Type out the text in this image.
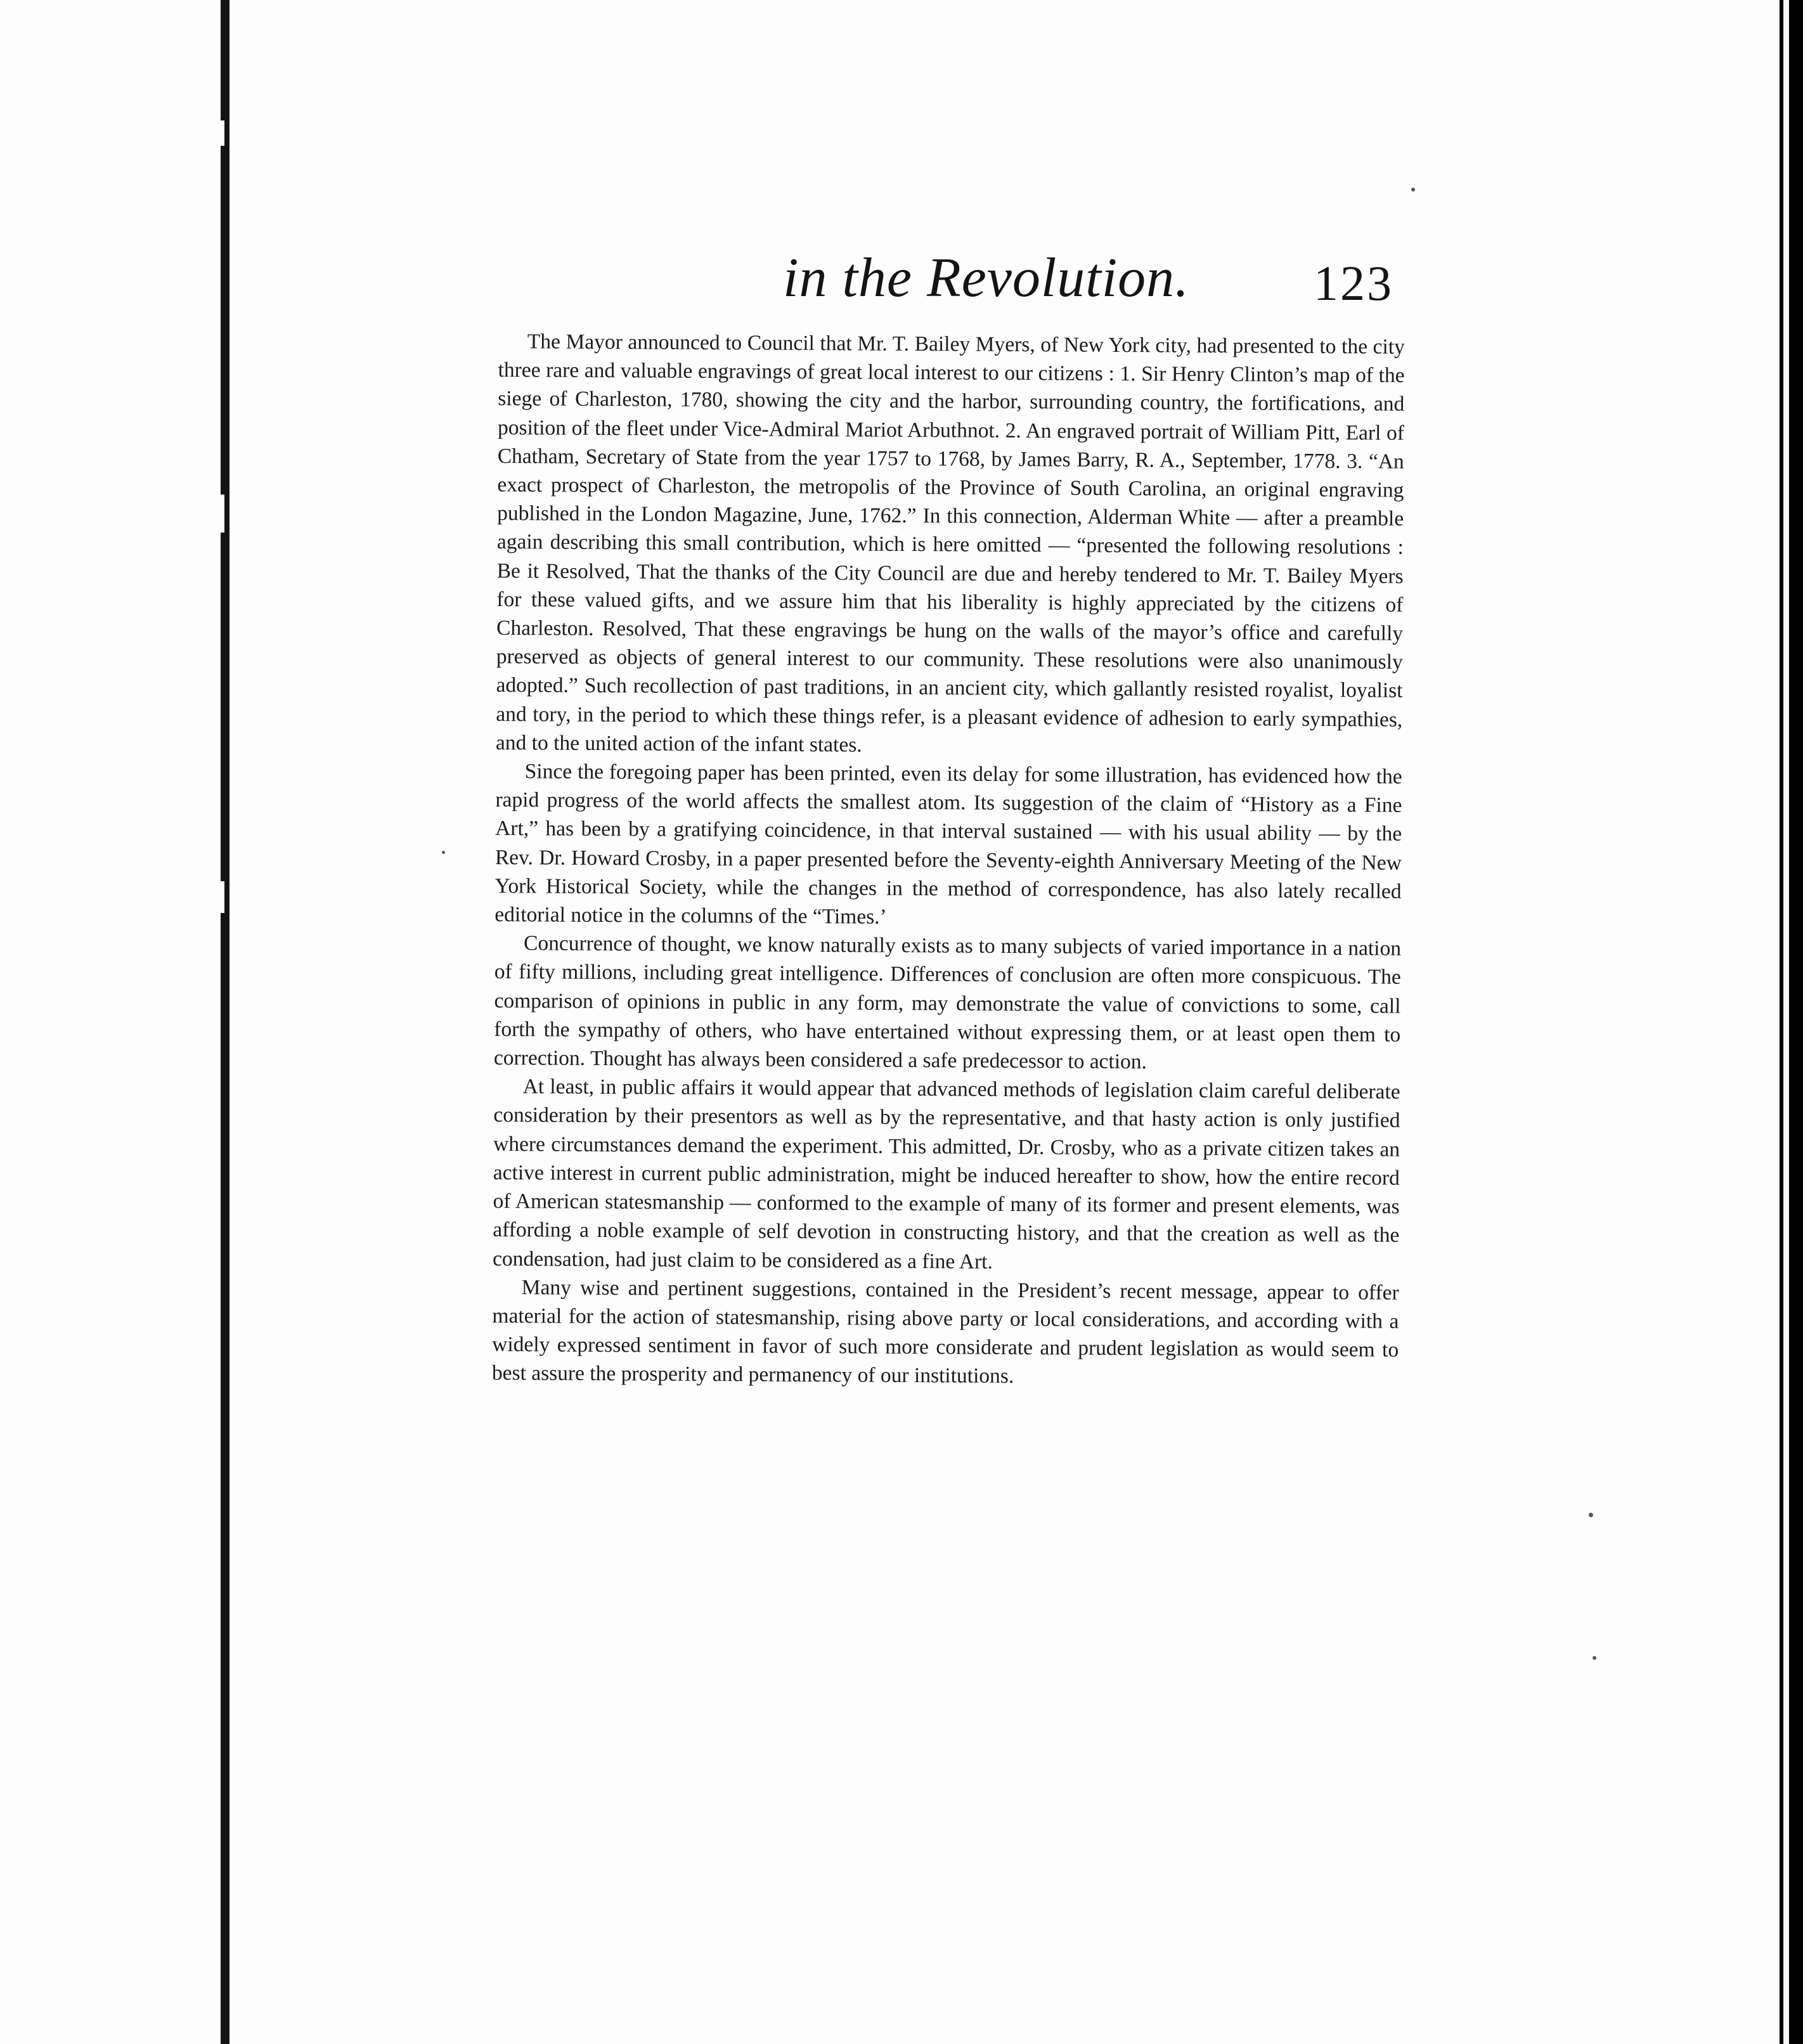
in the Revolution.	123

The Mayor announced to Council that Mr. T. Bailey Myers, of New York city, had presented to the city three rare and valuable engravings of great local interest to our citizens : 1. Sir Henry Clinton’s map of the siege of Charleston, 1780, showing the city and the harbor, surrounding country, the fortifications, and position of the fleet under Vice-Admiral Mariot Arbuthnot. 2. An engraved portrait of William Pitt, Earl of Chatham, Secretary of State from the year 1757 to 1768, by James Barry, R. A., September, 1778. 3. “An exact prospect of Charleston, the metropolis of the Province of South Carolina, an original engraving published in the London Magazine, June, 1762.” In this connection, Alderman White — after a preamble again describing this small contribution, which is here omitted — “presented the following resolutions : Be it Resolved, That the thanks of the City Council are due and hereby tendered to Mr. T. Bailey Myers for these valued gifts, and we assure him that his liberality is highly appreciated by the citizens of Charleston. Resolved, That these engravings be hung on the walls of the mayor’s office and carefully preserved as objects of general interest to our community. These resolutions were also unanimously adopted.” Such recollection of past traditions, in an ancient city, which gallantly resisted royalist, loyalist and tory, in the period to which these things refer, is a pleasant evidence of adhesion to early sympathies, and to the united action of the infant states.

Since the foregoing paper has been printed, even its delay for some illustration, has evidenced how the rapid progress of the world affects the smallest atom. Its suggestion of the claim of “History as a Fine Art,” has been by a gratifying coincidence, in that interval sustained — with his usual ability — by the Rev. Dr. Howard Crosby, in a paper presented before the Seventy-eighth Anniversary Meeting of the New York Historical Society, while the changes in the method of correspondence, has also lately recalled editorial notice in the columns of the “Times.’

Concurrence of thought, we know naturally exists as to many subjects of varied importance in a nation of fifty millions, including great intelligence. Differences of conclusion are often more conspicuous. The comparison of opinions in public in any form, may demonstrate the value of convictions to some, call forth the sympathy of others, who have entertained without expressing them, or at least open them to correction. Thought has always been considered a safe predecessor to action.

At least, in public affairs it would appear that advanced methods of legislation claim careful deliberate consideration by their presentors as well as by the representative, and that hasty action is only justified where circumstances demand the experiment. This admitted, Dr. Crosby, who as a private citizen takes an active interest in current public administration, might be induced hereafter to show, how the entire record of American statesmanship — conformed to the example of many of its former and present elements, was affording a noble example of self devotion in constructing history, and that the creation as well as the condensation, had just claim to be considered as a fine Art.

Many wise and pertinent suggestions, contained in the President’s recent message, appear to offer material for the action of statesmanship, rising above party or local considerations, and according with a widely expressed sentiment in favor of such more considerate and prudent legislation as would seem to best assure the prosperity and permanency of our institutions.
